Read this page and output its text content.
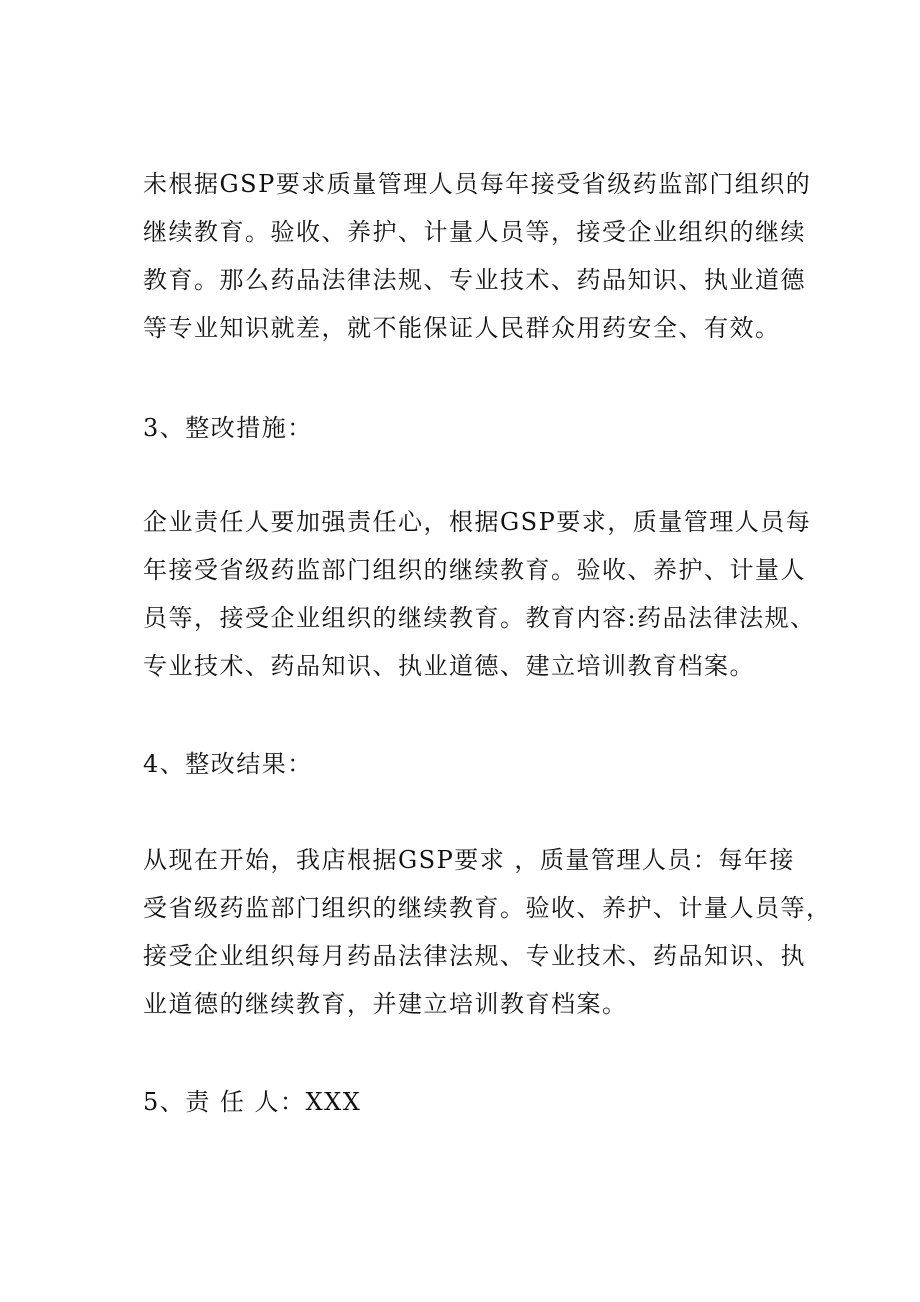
未根据GSP要求质量管理人员每年接受省级药监部门组织的
继续教育。验收、养护、计量人员等，接受企业组织的继续
教育。那么药品法律法规、专业技术、药品知识、执业道德
等专业知识就差，就不能保证人民群众用药安全、有效。
3、整改措施：
企业责任人要加强责任心，根据GSP要求，质量管理人员每
年接受省级药监部门组织的继续教育。验收、养护、计量人
员等，接受企业组织的继续教育。教育内容:药品法律法规、
专业技术、药品知识、执业道德、建立培训教育档案。
4、整改结果：
从现在开始，我店根据GSP要求 ，质量管理人员：每年接
受省级药监部门组织的继续教育。验收、养护、计量人员等，
接受企业组织每月药品法律法规、专业技术、药品知识、执
业道德的继续教育，并建立培训教育档案。
5、责 任 人：XXX
